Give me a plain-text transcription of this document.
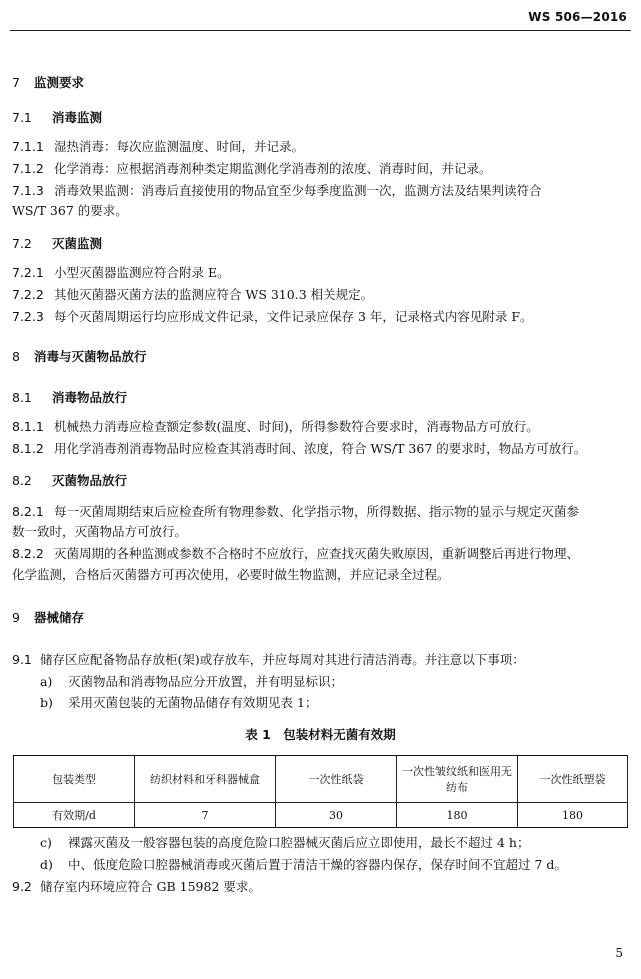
WS 506—2016
7 监测要求
7.1 消毒监测
7.1.1 湿热消毒：每次应监测温度、时间，并记录。
7.1.2 化学消毒：应根据消毒剂种类定期监测化学消毒剂的浓度、消毒时间，并记录。
7.1.3 消毒效果监测：消毒后直接使用的物品宜至少每季度监测一次，监测方法及结果判读符合
WS/T 367 的要求。
7.2 灭菌监测
7.2.1 小型灭菌器监测应符合附录 E。
7.2.2 其他灭菌器灭菌方法的监测应符合 WS 310.3 相关规定。
7.2.3 每个灭菌周期运行均应形成文件记录，文件记录应保存 3 年，记录格式内容见附录 F。
8 消毒与灭菌物品放行
8.1 消毒物品放行
8.1.1 机械热力消毒应检查额定参数(温度、时间)，所得参数符合要求时，消毒物品方可放行。
8.1.2 用化学消毒剂消毒物品时应检查其消毒时间、浓度，符合 WS/T 367 的要求时，物品方可放行。
8.2 灭菌物品放行
8.2.1 每一灭菌周期结束后应检查所有物理参数、化学指示物，所得数据、指示物的显示与规定灭菌参
数一致时，灭菌物品方可放行。
8.2.2 灭菌周期的各种监测或参数不合格时不应放行，应查找灭菌失败原因，重新调整后再进行物理、
化学监测，合格后灭菌器方可再次使用，必要时做生物监测，并应记录全过程。
9 器械储存
9.1 储存区应配备物品存放柜(架)或存放车，并应每周对其进行清洁消毒。并注意以下事项：
a) 灭菌物品和消毒物品应分开放置，并有明显标识；
b) 采用灭菌包装的无菌物品储存有效期见表 1；
表 1　包装材料无菌有效期
包装类型	纺织材料和牙科器械盒	一次性纸袋	一次性皱纹纸和医用无纺布	一次性纸塑袋
有效期/d	7	30	180	180
c) 裸露灭菌及一般容器包装的高度危险口腔器械灭菌后应立即使用，最长不超过 4 h；
d) 中、低度危险口腔器械消毒或灭菌后置于清洁干燥的容器内保存，保存时间不宜超过 7 d。
9.2 储存室内环境应符合 GB 15982 要求。
5
